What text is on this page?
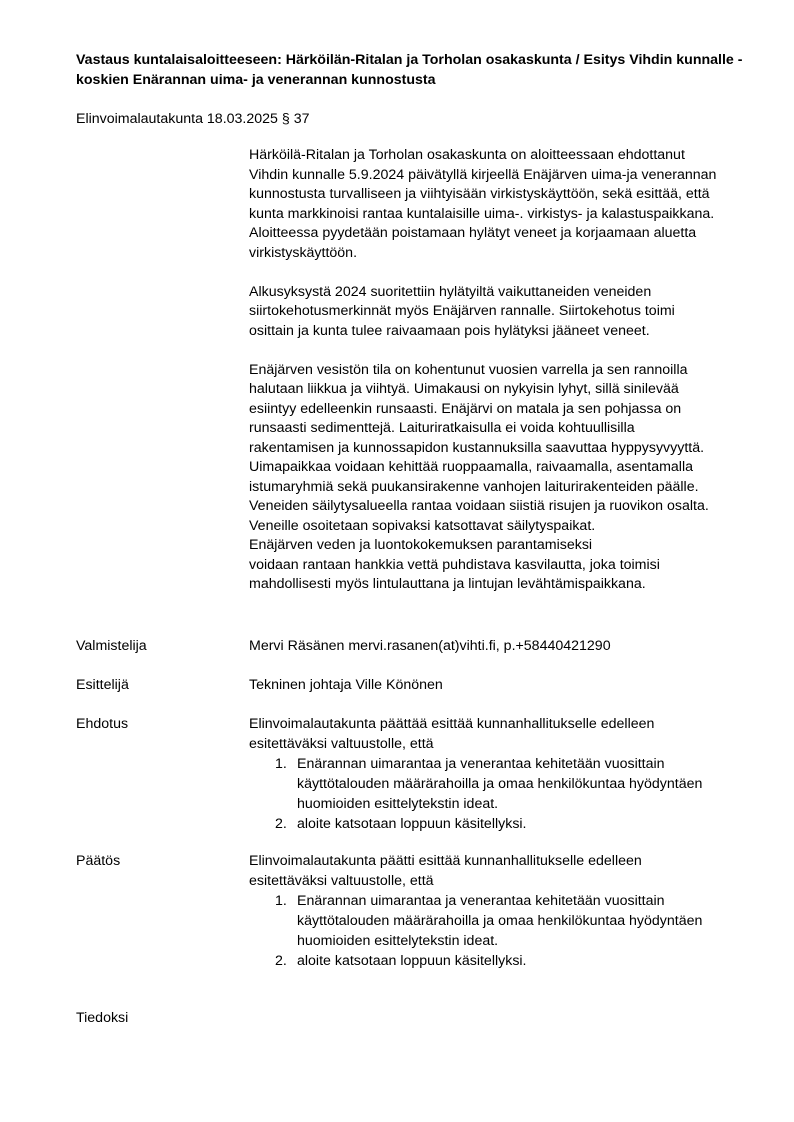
Vastaus kuntalaisaloitteeseen: Härköilän-Ritalan ja Torholan osakaskunta / Esitys Vihdin kunnalle -
koskien Enärannan uima- ja venerannan kunnostusta
Elinvoimalautakunta 18.03.2025 § 37

Härköilä-Ritalan ja Torholan osakaskunta on aloitteessaan ehdottanut
Vihdin kunnalle 5.9.2024 päivätyllä kirjeellä Enäjärven uima-ja venerannan
kunnostusta turvalliseen ja viihtyisään virkistyskäyttöön, sekä esittää, että
kunta markkinoisi rantaa kuntalaisille uima-. virkistys- ja kalastuspaikkana.
Aloitteessa pyydetään poistamaan hylätyt veneet ja korjaamaan aluetta
virkistyskäyttöön.

Alkusyksystä 2024 suoritettiin hylätyiltä vaikuttaneiden veneiden
siirtokehotusmerkinnät myös Enäjärven rannalle. Siirtokehotus toimi
osittain ja kunta tulee raivaamaan pois hylätyksi jääneet veneet.

Enäjärven vesistön tila on kohentunut vuosien varrella ja sen rannoilla
halutaan liikkua ja viihtyä. Uimakausi on nykyisin lyhyt, sillä sinilevää
esiintyy edelleenkin runsaasti. Enäjärvi on matala ja sen pohjassa on
runsaasti sedimenttejä. Laituriratkaisulla ei voida kohtuullisilla
rakentamisen ja kunnossapidon kustannuksilla saavuttaa hyppysyvyyttä.
Uimapaikkaa voidaan kehittää ruoppaamalla, raivaamalla, asentamalla
istumaryhmiä sekä puukansirakenne vanhojen laiturirakenteiden päälle.
Veneiden säilytysalueella rantaa voidaan siistiä risujen ja ruovikon osalta.
Veneille osoitetaan sopivaksi katsottavat säilytyspaikat.
Enäjärven veden ja luontokokemuksen parantamiseksi
voidaan rantaan hankkia vettä puhdistava kasvilautta, joka toimisi
mahdollisesti myös lintulauttana ja lintujan levähtämispaikkana.

Valmistelija	Mervi Räsänen mervi.rasanen(at)vihti.fi, p.+58440421290
Esittelijä	Tekninen johtaja Ville Könönen
Ehdotus	Elinvoimalautakunta päättää esittää kunnanhallitukselle edelleen
esitettäväksi valtuustolle, että
1. Enärannan uimarantaa ja venerantaa kehitetään vuosittain
käyttötalouden määrärahoilla ja omaa henkilökuntaa hyödyntäen
huomioiden esittelytekstin ideat.
2. aloite katsotaan loppuun käsitellyksi.
Päätös	Elinvoimalautakunta päätti esittää kunnanhallitukselle edelleen
esitettäväksi valtuustolle, että
1. Enärannan uimarantaa ja venerantaa kehitetään vuosittain
käyttötalouden määrärahoilla ja omaa henkilökuntaa hyödyntäen
huomioiden esittelytekstin ideat.
2. aloite katsotaan loppuun käsitellyksi.
Tiedoksi
